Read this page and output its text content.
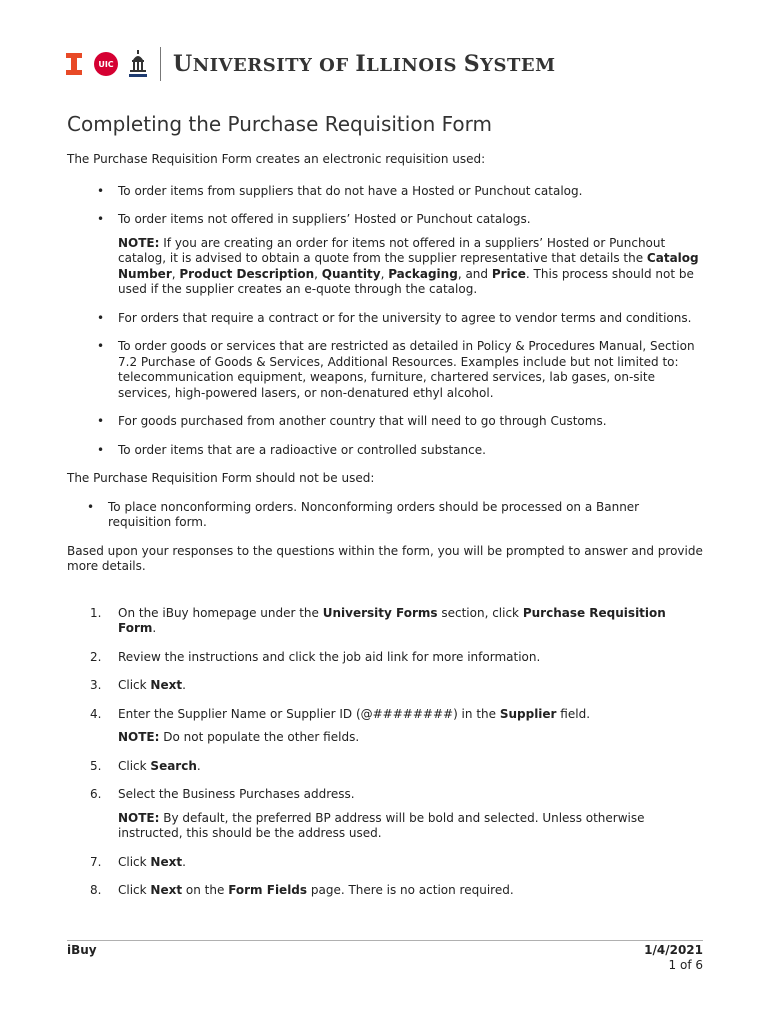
UIC	UNIVERSITY OF ILLINOIS SYSTEM
Completing the Purchase Requisition Form

The Purchase Requisition Form creates an electronic requisition used:

• To order items from suppliers that do not have a Hosted or Punchout catalog.
• To order items not offered in suppliers’ Hosted or Punchout catalogs.
NOTE: If you are creating an order for items not offered in a suppliers’ Hosted or Punchout catalog, it is advised to obtain a quote from the supplier representative that details the Catalog Number, Product Description, Quantity, Packaging, and Price. This process should not be used if the supplier creates an e-quote through the catalog.
• For orders that require a contract or for the university to agree to vendor terms and conditions.
• To order goods or services that are restricted as detailed in Policy & Procedures Manual, Section 7.2 Purchase of Goods & Services, Additional Resources. Examples include but not limited to: telecommunication equipment, weapons, furniture, chartered services, lab gases, on-site services, high-powered lasers, or non-denatured ethyl alcohol.
• For goods purchased from another country that will need to go through Customs.
• To order items that are a radioactive or controlled substance.

The Purchase Requisition Form should not be used:

• To place nonconforming orders. Nonconforming orders should be processed on a Banner requisition form.

Based upon your responses to the questions within the form, you will be prompted to answer and provide more details.

1.	On the iBuy homepage under the University Forms section, click Purchase Requisition Form.
2.	Review the instructions and click the job aid link for more information.
3.	Click Next.
4.	Enter the Supplier Name or Supplier ID (@########) in the Supplier field.
NOTE: Do not populate the other fields.
5.	Click Search.
6.	Select the Business Purchases address.
NOTE: By default, the preferred BP address will be bold and selected. Unless otherwise instructed, this should be the address used.
7.	Click Next.
8.	Click Next on the Form Fields page. There is no action required.
iBuy	1/4/2021
1 of 6
